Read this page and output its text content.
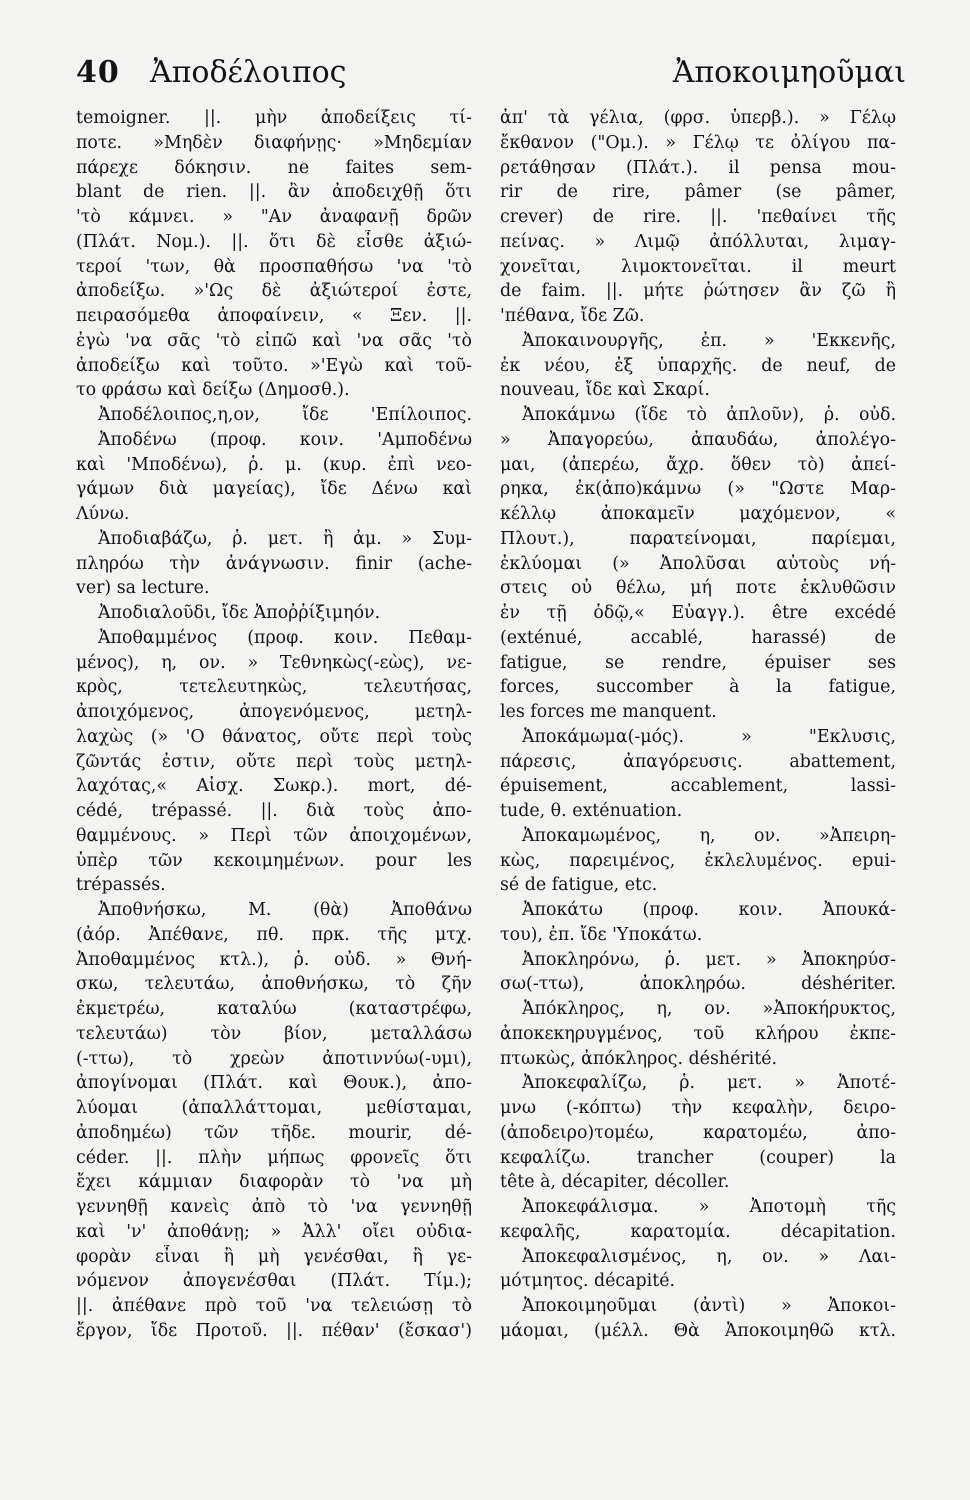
40 Ἀποδέλοιπος	Ἀποκοιμηοῦμαι
temoigner. ||. μὴν ἀποδείξεις τί-
ποτε. »Μηδὲν διαφήνῃς· »Μηδεμίαν
πάρεχε δόκησιν. ne faites sem-
blant de rien. ||. ἂν ἀποδειχθῇ ὅτι
'τὸ κάμνει. » "Αν ἀναφανῇ δρῶν
(Πλάτ. Νομ.). ||. ὅτι δὲ εἶσθε ἀξιώ-
τεροί 'των, θὰ προσπαθήσω 'να 'τὸ
ἀποδείξω. »'Ως δὲ ἀξιώτεροί ἐστε,
πειρασόμεθα ἀποφαίνειν, « Ξεν. ||.
ἐγὼ 'να σᾶς 'τὸ εἰπῶ καὶ 'να σᾶς 'τὸ
ἀποδείξω καὶ τοῦτο. »'Εγὼ καὶ τοῦ-
το φράσω καὶ δείξω (Δημοσθ.).
Ἀποδέλοιπος,η,ον, ἴδε 'Επίλοιπος.
Ἀποδένω (προφ. κοιν. 'Αμποδένω
καὶ 'Μποδένω), ῥ. μ. (κυρ. ἐπὶ νεο-
γάμων διὰ μαγείας), ἴδε Δένω καὶ
Λύνω.
Ἀποδιαβάζω, ῥ. μετ. ἢ ἀμ. » Συμ-
πληρόω τὴν ἀνάγνωσιν. finir (ache-
ver) sa lecture.
Ἀποδιαλοῦδι, ἴδε Ἀποῤῥίξιμηόν.
Ἀποθαμμένος (προφ. κοιν. Πεθαμ-
μένος), η, ον. » Τεθνηκὼς(-εὼς), νε-
κρὸς, τετελευτηκὼς, τελευτήσας,
ἀποιχόμενος, ἀπογενόμενος, μετηλ-
λαχὼς (» 'Ο θάνατος, οὔτε περὶ τοὺς
ζῶντάς ἐστιν, οὔτε περὶ τοὺς μετηλ-
λαχότας,« Αἰσχ. Σωκρ.). mort, dé-
cédé, trépassé. ||. διὰ τοὺς ἀπο-
θαμμένους. » Περὶ τῶν ἀποιχομένων,
ὑπὲρ τῶν κεκοιμημένων. pour les
trépassés.
Ἀποθνήσκω, Μ. (θὰ) Ἀποθάνω
(ἀόρ. Ἀπέθανε, πθ. πρκ. τῆς μτχ.
Ἀποθαμμένος κτλ.), ῥ. οὐδ. » Θνή-
σκω, τελευτάω, ἀποθνήσκω, τὸ ζῆν
ἐκμετρέω, καταλύω (καταστρέφω,
τελευτάω) τὸν βίον, μεταλλάσω
(-ττω), τὸ χρεὼν ἀποτιννύω(-υμι),
ἀπογίνομαι (Πλάτ. καὶ Θουκ.), ἀπο-
λύομαι (ἀπαλλάττομαι, μεθίσταμαι,
ἀποδημέω) τῶν τῆδε. mourir, dé-
céder. ||. πλὴν μήπως φρονεῖς ὅτι
ἔχει κάμμιαν διαφορὰν τὸ 'να μὴ
γεννηθῇ κανεὶς ἀπὸ τὸ 'να γεννηθῇ
καὶ 'ν' ἀποθάνῃ; » Ἀλλ' οἴει οὐδια-
φορὰν εἶναι ἢ μὴ γενέσθαι, ἢ γε-
νόμενον ἀπογενέσθαι (Πλάτ. Τίμ.);
||. ἀπέθανε πρὸ τοῦ 'να τελειώσῃ τὸ
ἔργον, ἴδε Προτοῦ. ||. πέθαν' (ἔσκασ')
ἀπ' τὰ γέλια, (φρσ. ὑπερβ.). » Γέλῳ
ἔκθανον ("Ομ.). » Γέλῳ τε ὀλίγου πα-
ρετάθησαν (Πλάτ.). il pensa mou-
rir de rire, pâmer (se pâmer,
crever) de rire. ||. 'πεθαίνει τῆς
πείνας. » Λιμῷ ἀπόλλυται, λιμαγ-
χονεῖται, λιμοκτονεῖται. il meurt
de faim. ||. μήτε ῥώτησεν ἂν ζῶ ἢ
'πέθανα, ἴδε Ζῶ.
Ἀποκαινουργῆς, ἐπ. » 'Εκκενῆς,
ἐκ νέου, ἐξ ὑπαρχῆς. de neuf, de
nouveau, ἴδε καὶ Σκαρί.
Ἀποκάμνω (ἴδε τὸ ἀπλοῦν), ῥ. οὐδ.
» Ἀπαγορεύω, ἀπαυδάω, ἀπολέγο-
μαι, (ἀπερέω, ἄχρ. ὅθεν τὸ) ἀπεί-
ρηκα, ἐκ(ἀπο)κάμνω (» "Ωστε Μαρ-
κέλλῳ ἀποκαμεῖν μαχόμενον, «
Πλουτ.), παρατείνομαι, παρίεμαι,
ἐκλύομαι (» Ἀπολῦσαι αὐτοὺς νή-
στεις οὐ θέλω, μή ποτε ἐκλυθῶσιν
ἐν τῇ ὁδῷ,« Εὐαγγ.). être excédé
(exténué, accablé, harassé) de
fatigue, se rendre, épuiser ses
forces, succomber à la fatigue,
les forces me manquent.
Ἀποκάμωμα(-μός). » "Εκλυσις,
πάρεσις, ἀπαγόρευσις. abattement,
épuisement, accablement, lassi-
tude, θ. exténuation.
Ἀποκαμωμένος, η, ον. »Ἀπειρη-
κὼς, παρειμένος, ἐκλελυμένος. epui-
sé de fatigue, etc.
Ἀποκάτω (προφ. κοιν. Ἀπουκά-
του), ἐπ. ἴδε 'Υποκάτω.
Ἀποκληρόνω, ῥ. μετ. » Ἀποκηρύσ-
σω(-ττω), ἀποκληρόω. déshériter.
Ἀπόκληρος, η, ον. »Ἀποκήρυκτος,
ἀποκεκηρυγμένος, τοῦ κλήρου ἐκπε-
πτωκὼς, ἀπόκληρος. déshérité.
Ἀποκεφαλίζω, ῥ. μετ. » Ἀποτέ-
μνω (-κόπτω) τὴν κεφαλὴν, δειρο-
(ἀποδειρο)τομέω, καρατομέω, ἀπο-
κεφαλίζω. trancher (couper) la
tête à, décapiter, décoller.
Ἀποκεφάλισμα. » Ἀποτομὴ τῆς
κεφαλῆς, καρατομία. décapitation.
Ἀποκεφαλισμένος, η, ον. » Λαι-
μότμητος. décapité.
Ἀποκοιμηοῦμαι (ἀντὶ) » Ἀποκοι-
μάομαι, (μέλλ. Θὰ Ἀποκοιμηθῶ κτλ.
